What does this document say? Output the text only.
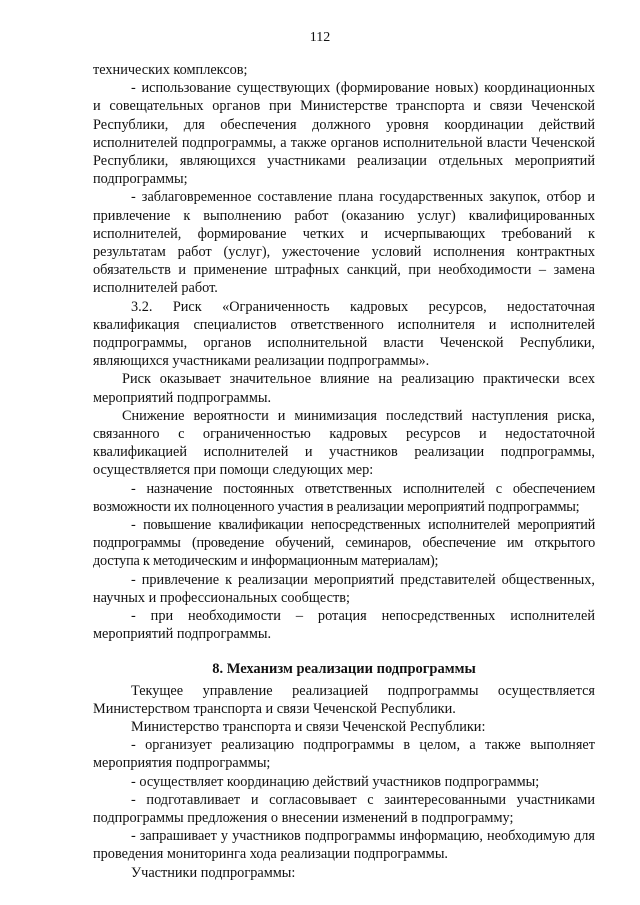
112

технических комплексов;

- использование существующих (формирование новых) координационных и совещательных органов при Министерстве транспорта и связи Чеченской Республики, для обеспечения должного уровня координации действий исполнителей подпрограммы, а также органов исполнительной власти Чеченской Республики, являющихся участниками реализации отдельных мероприятий подпрограммы;

- заблаговременное составление плана государственных закупок, отбор и привлечение к выполнению работ (оказанию услуг) квалифицированных исполнителей, формирование четких и исчерпывающих требований к результатам работ (услуг), ужесточение условий исполнения контрактных обязательств и применение штрафных санкций, при необходимости – замена исполнителей работ.

3.2. Риск «Ограниченность кадровых ресурсов, недостаточная квалификация специалистов ответственного исполнителя и исполнителей подпрограммы, органов исполнительной власти Чеченской Республики, являющихся участниками реализации подпрограммы».

Риск оказывает значительное влияние на реализацию практически всех мероприятий подпрограммы.

Снижение вероятности и минимизация последствий наступления риска, связанного с ограниченностью кадровых ресурсов и недостаточной квалификацией исполнителей и участников реализации подпрограммы, осуществляется при помощи следующих мер:

- назначение постоянных ответственных исполнителей с обеспечением возможности их полноценного участия в реализации мероприятий подпрограммы;

- повышение квалификации непосредственных исполнителей мероприятий подпрограммы (проведение обучений, семинаров, обеспечение им открытого доступа к методическим и информационным материалам);

- привлечение к реализации мероприятий представителей общественных, научных и профессиональных сообществ;

- при необходимости – ротация непосредственных исполнителей мероприятий подпрограммы.

8. Механизм реализации подпрограммы

Текущее управление реализацией подпрограммы осуществляется Министерством транспорта и связи Чеченской Республики.

Министерство транспорта и связи Чеченской Республики:

- организует реализацию подпрограммы в целом, а также выполняет мероприятия подпрограммы;

- осуществляет координацию действий участников подпрограммы;

- подготавливает и согласовывает с заинтересованными участниками подпрограммы предложения о внесении изменений в подпрограмму;

- запрашивает у участников подпрограммы информацию, необходимую для проведения мониторинга хода реализации подпрограммы.

Участники подпрограммы:
